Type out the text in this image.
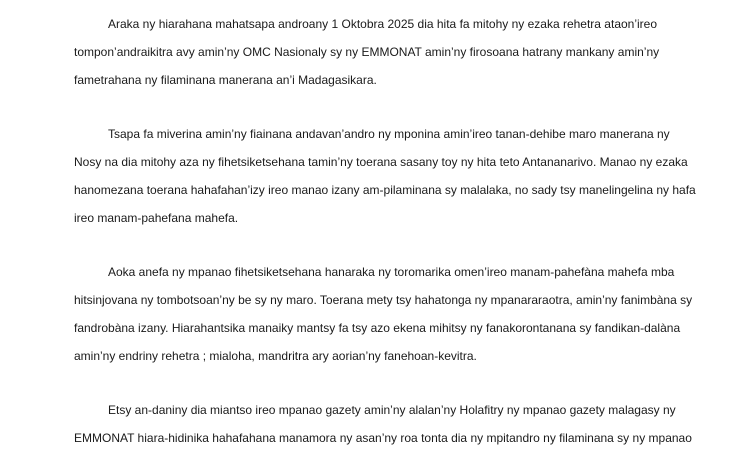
Araka ny hiarahana mahatsapa androany 1 Oktobra 2025 dia hita fa mitohy ny ezaka rehetra ataon’ireo
tompon’andraikitra avy amin’ny OMC Nasionaly sy ny EMMONAT amin’ny firosoana hatrany mankany amin’ny
fametrahana ny filaminana manerana an’i Madagasikara.

Tsapa fa miverina amin’ny fiainana andavan’andro ny mponina amin’ireo tanan-dehibe maro manerana ny
Nosy na dia mitohy aza ny fihetsiketsehana tamin’ny toerana sasany toy ny hita teto Antananarivo. Manao ny ezaka
hanomezana toerana hahafahan’izy ireo manao izany am-pilaminana sy malalaka, no sady tsy manelingelina ny hafa
ireo manam-pahefana mahefa.

Aoka anefa ny mpanao fihetsiketsehana hanaraka ny toromarika omen’ireo manam-pahefàna mahefa mba
hitsinjovana ny tombotsoan’ny be sy ny maro. Toerana mety tsy hahatonga ny mpanararaotra, amin’ny fanimbàna sy
fandrobàna izany. Hiarahantsika manaiky mantsy fa tsy azo ekena mihitsy ny fanakorontanana sy fandikan-dalàna
amin’ny endriny rehetra ; mialoha, mandritra ary aorian’ny fanehoan-kevitra.

Etsy an-daniny dia miantso ireo mpanao gazety amin’ny alalan’ny Holafitry ny mpanao gazety malagasy ny
EMMONAT hiara-hidinika hahafahana manamora ny asan’ny roa tonta dia ny mpitandro ny filaminana sy ny mpanao
